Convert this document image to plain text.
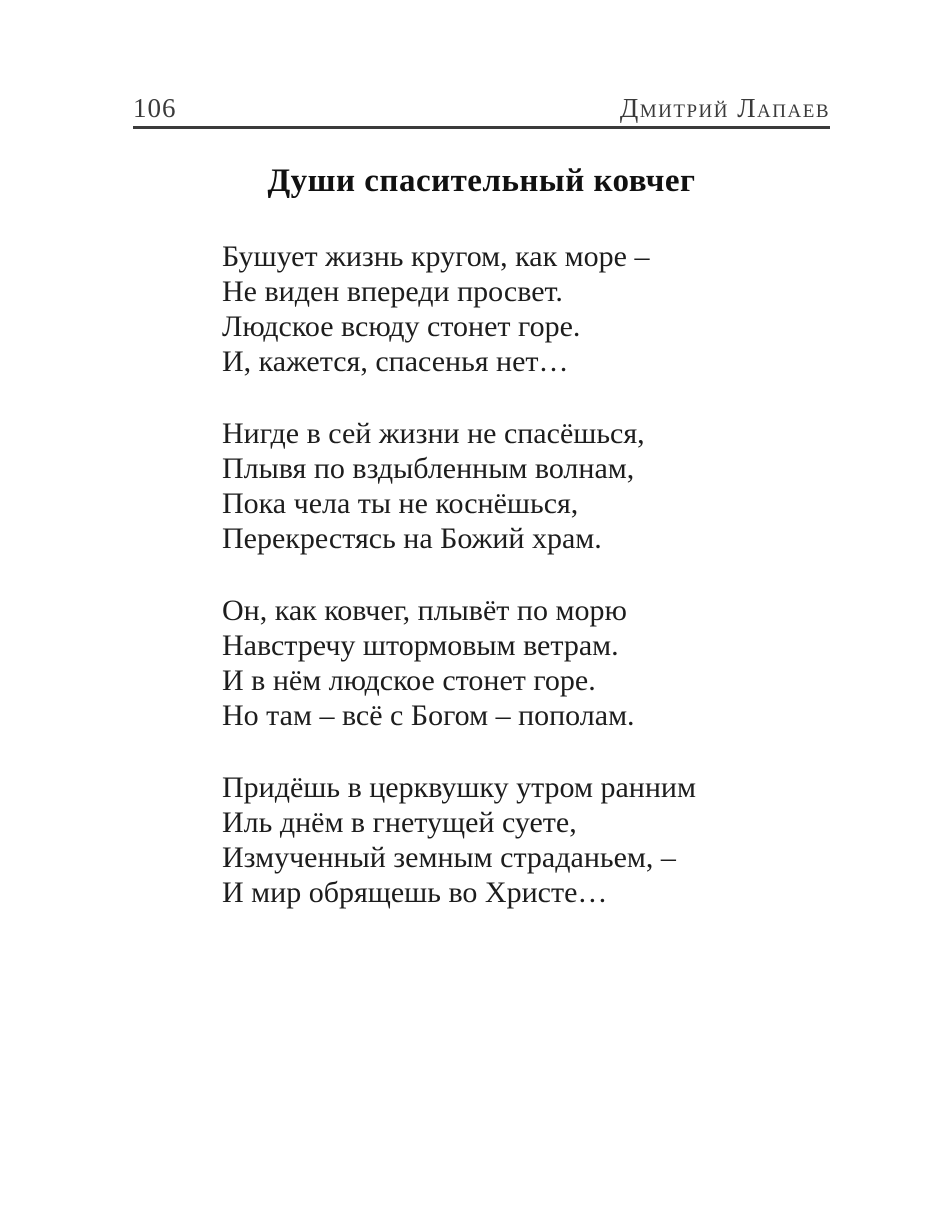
106	Дмитрий Лапаев
Души спасительный ковчег
Бушует жизнь кругом, как море –
Не виден впереди просвет.
Людское всюду стонет горе.
И, кажется, спасенья нет…
Нигде в сей жизни не спасёшься,
Плывя по вздыбленным волнам,
Пока чела ты не коснёшься,
Перекрестясь на Божий храм.
Он, как ковчег, плывёт по морю
Навстречу штормовым ветрам.
И в нём людское стонет горе.
Но там – всё с Богом – пополам.
Придёшь в церквушку утром ранним
Иль днём в гнетущей суете,
Измученный земным страданьем, –
И мир обрящешь во Христе…
